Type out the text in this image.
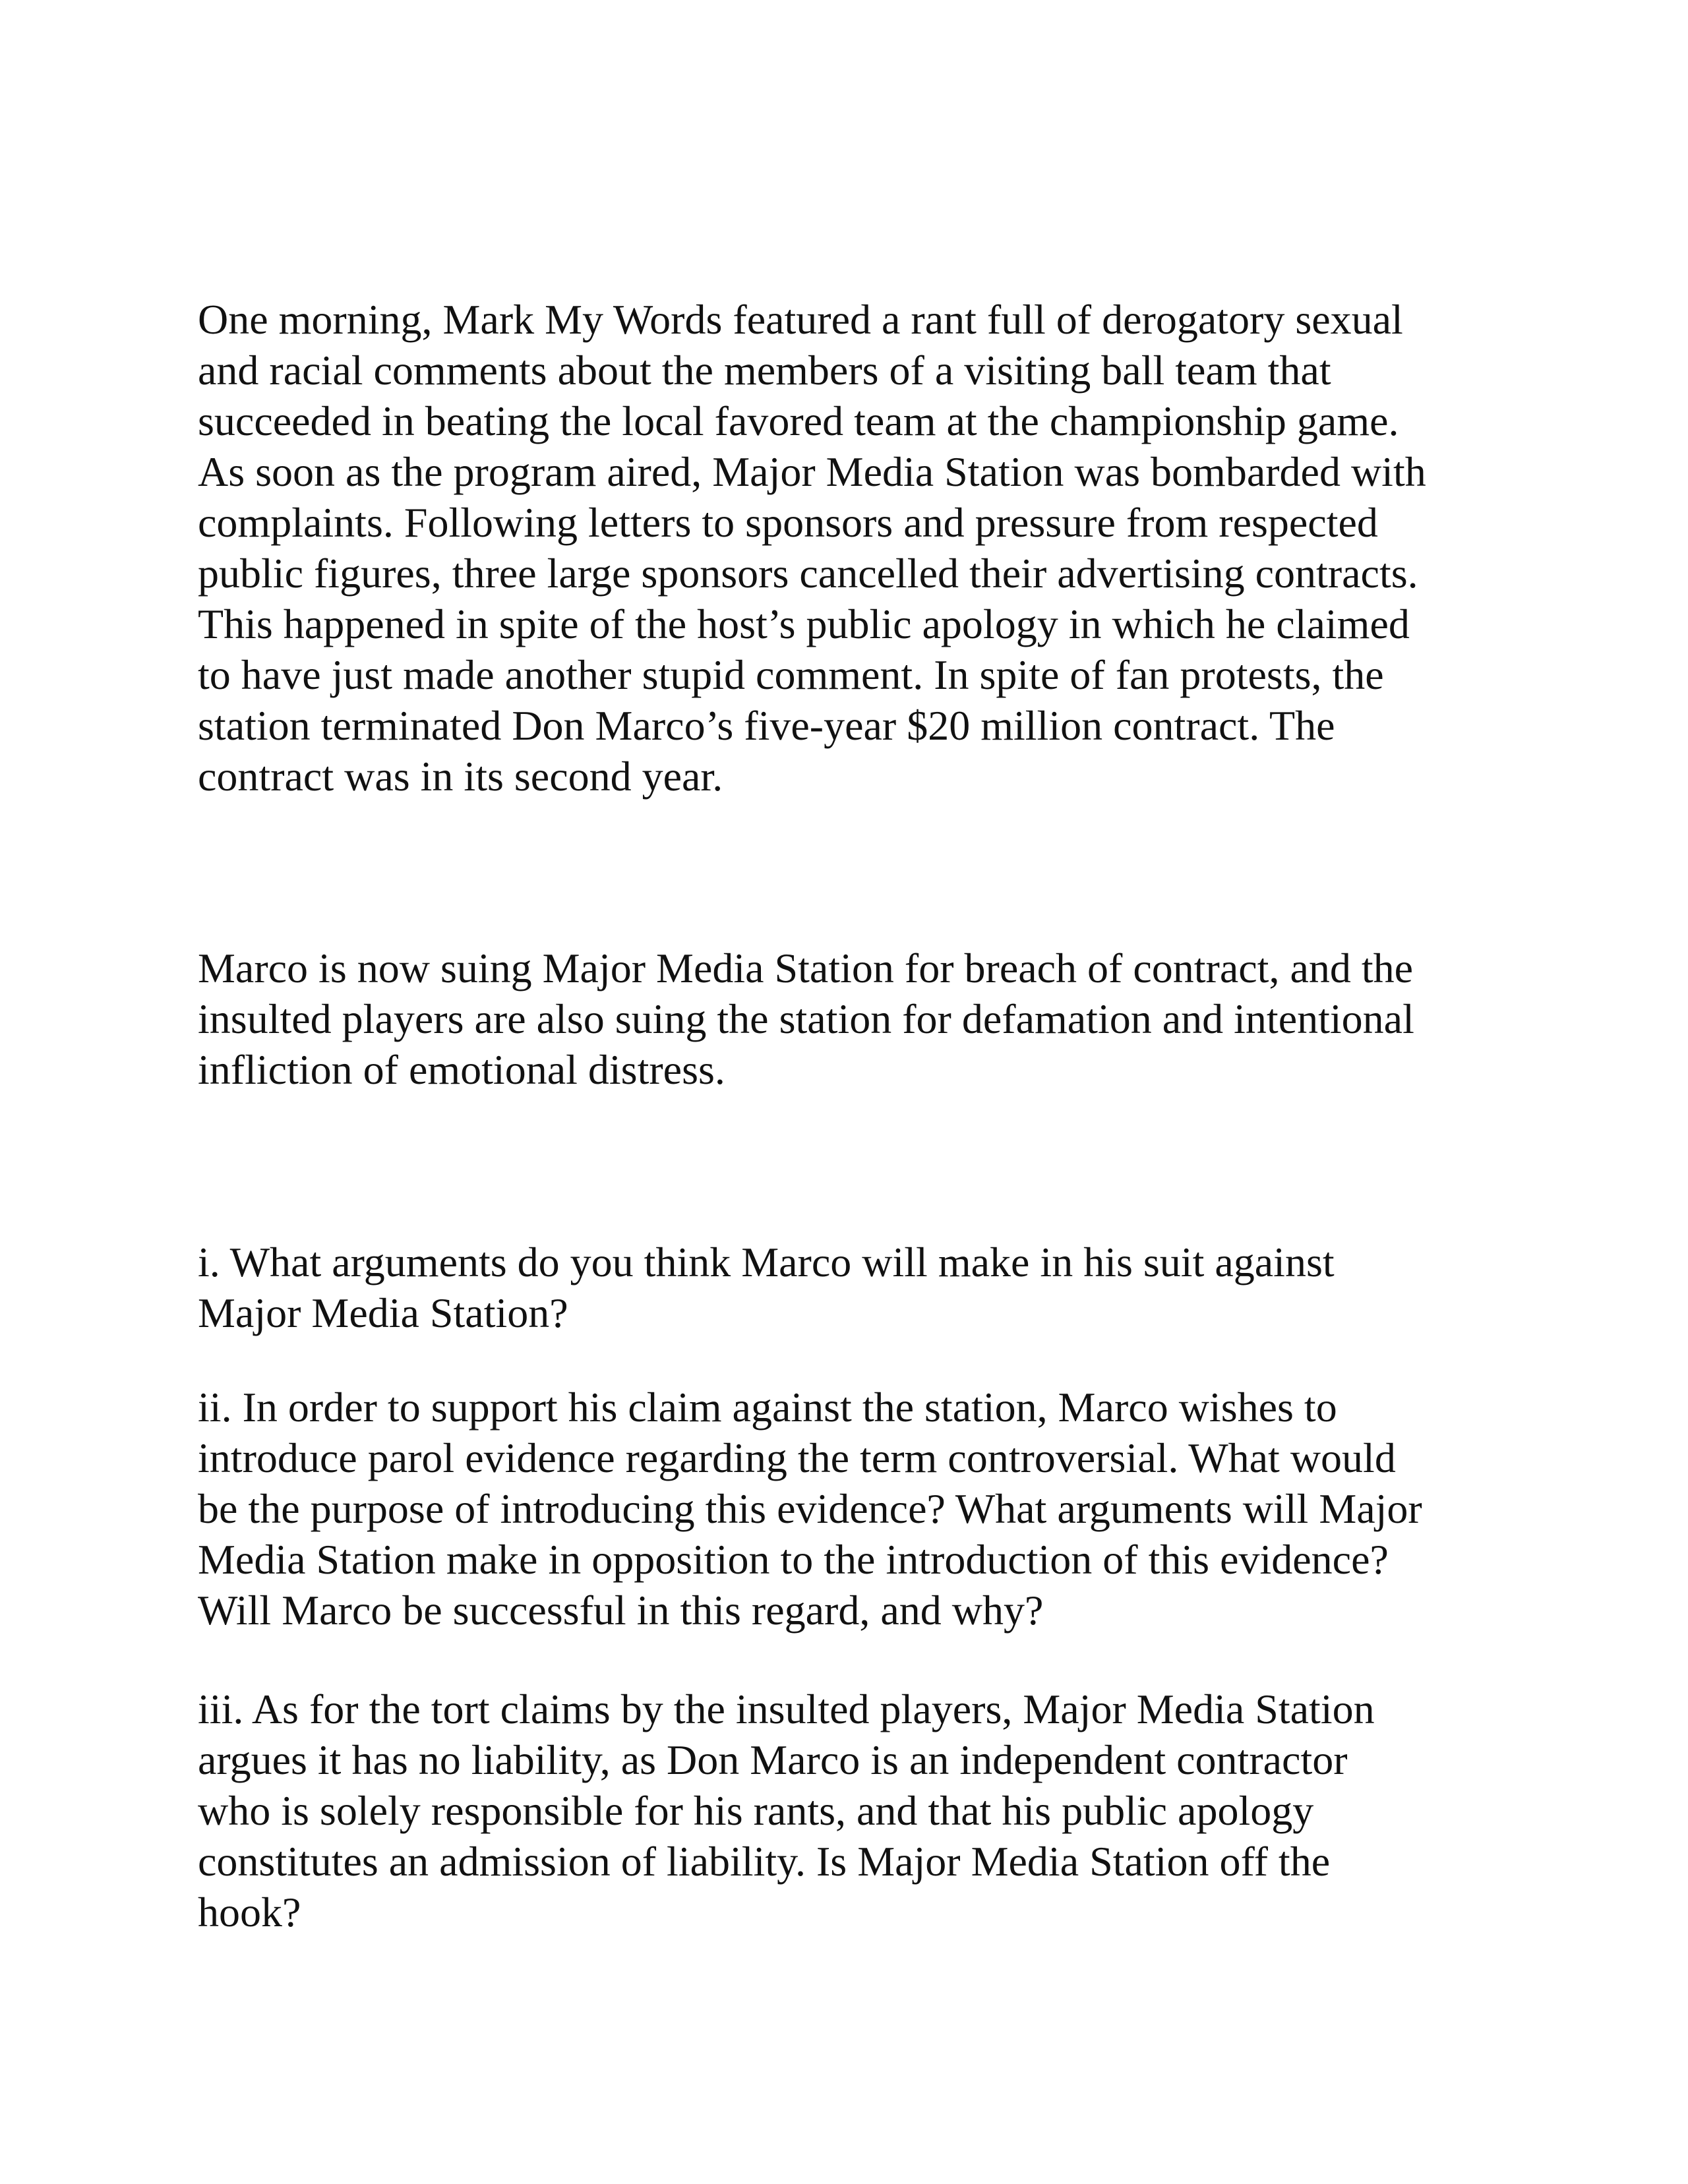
One morning, Mark My Words featured a rant full of derogatory sexual
and racial comments about the members of a visiting ball team that
succeeded in beating the local favored team at the championship game.
As soon as the program aired, Major Media Station was bombarded with
complaints. Following letters to sponsors and pressure from respected
public figures, three large sponsors cancelled their advertising contracts.
This happened in spite of the host’s public apology in which he claimed
to have just made another stupid comment. In spite of fan protests, the
station terminated Don Marco’s five-year $20 million contract. The
contract was in its second year.

Marco is now suing Major Media Station for breach of contract, and the
insulted players are also suing the station for defamation and intentional
infliction of emotional distress.

i. What arguments do you think Marco will make in his suit against
Major Media Station?

ii. In order to support his claim against the station, Marco wishes to
introduce parol evidence regarding the term controversial. What would
be the purpose of introducing this evidence? What arguments will Major
Media Station make in opposition to the introduction of this evidence?
Will Marco be successful in this regard, and why?

iii. As for the tort claims by the insulted players, Major Media Station
argues it has no liability, as Don Marco is an independent contractor
who is solely responsible for his rants, and that his public apology
constitutes an admission of liability. Is Major Media Station off the
hook?
